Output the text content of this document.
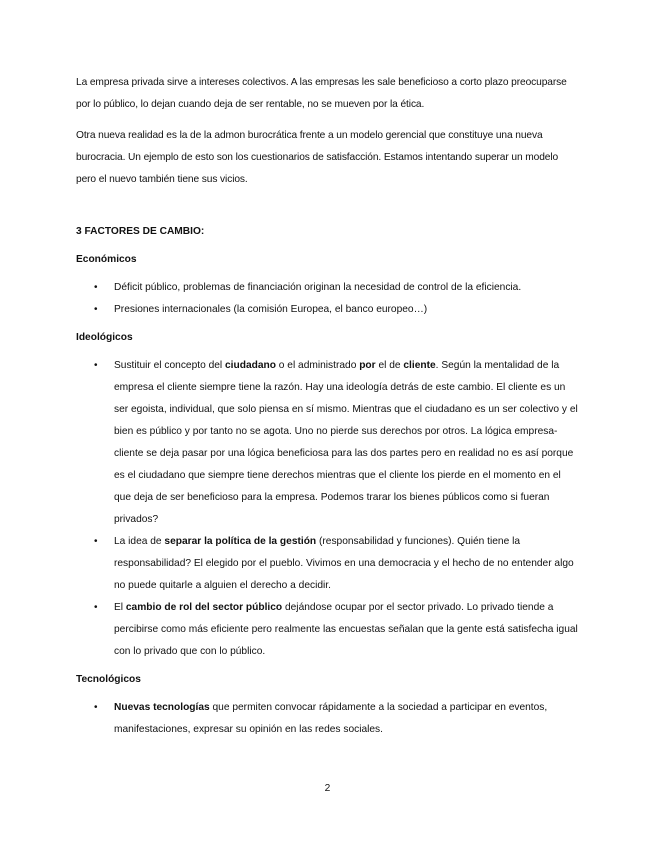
La empresa privada sirve a intereses colectivos. A las empresas les sale beneficioso a corto plazo preocuparse por lo público, lo dejan cuando deja de ser rentable, no se mueven por la ética.

Otra nueva realidad es la de la admon burocrática frente a un modelo gerencial que constituye una nueva burocracia. Un ejemplo de esto son los cuestionarios de satisfacción. Estamos intentando superar un modelo pero el nuevo también tiene sus vicios.

3 FACTORES DE CAMBIO:
Económicos
• Déficit público, problemas de financiación originan la necesidad de control de la eficiencia.
• Presiones internacionales (la comisión Europea, el banco europeo…)
Ideológicos
• Sustituir el concepto del ciudadano o el administrado por el de cliente. Según la mentalidad de la empresa el cliente siempre tiene la razón. Hay una ideología detrás de este cambio. El cliente es un ser egoista, individual, que solo piensa en sí mismo. Mientras que el ciudadano es un ser colectivo y el bien es público y por tanto no se agota. Uno no pierde sus derechos por otros. La lógica empresa- cliente se deja pasar por una lógica beneficiosa para las dos partes pero en realidad no es así porque es el ciudadano que siempre tiene derechos mientras que el cliente los pierde en el momento en el que deja de ser beneficioso para la empresa. Podemos trarar los bienes públicos como si fueran privados?
• La idea de separar la política de la gestión (responsabilidad y funciones). Quién tiene la responsabilidad? El elegido por el pueblo. Vivimos en una democracia y el hecho de no entender algo no puede quitarle a alguien el derecho a decidir.
• El cambio de rol del sector público dejándose ocupar por el sector privado. Lo privado tiende a percibirse como más eficiente pero realmente las encuestas señalan que la gente está satisfecha igual con lo privado que con lo público.
Tecnológicos
• Nuevas tecnologías que permiten convocar rápidamente a la sociedad a participar en eventos, manifestaciones, expresar su opinión en las redes sociales.
2
